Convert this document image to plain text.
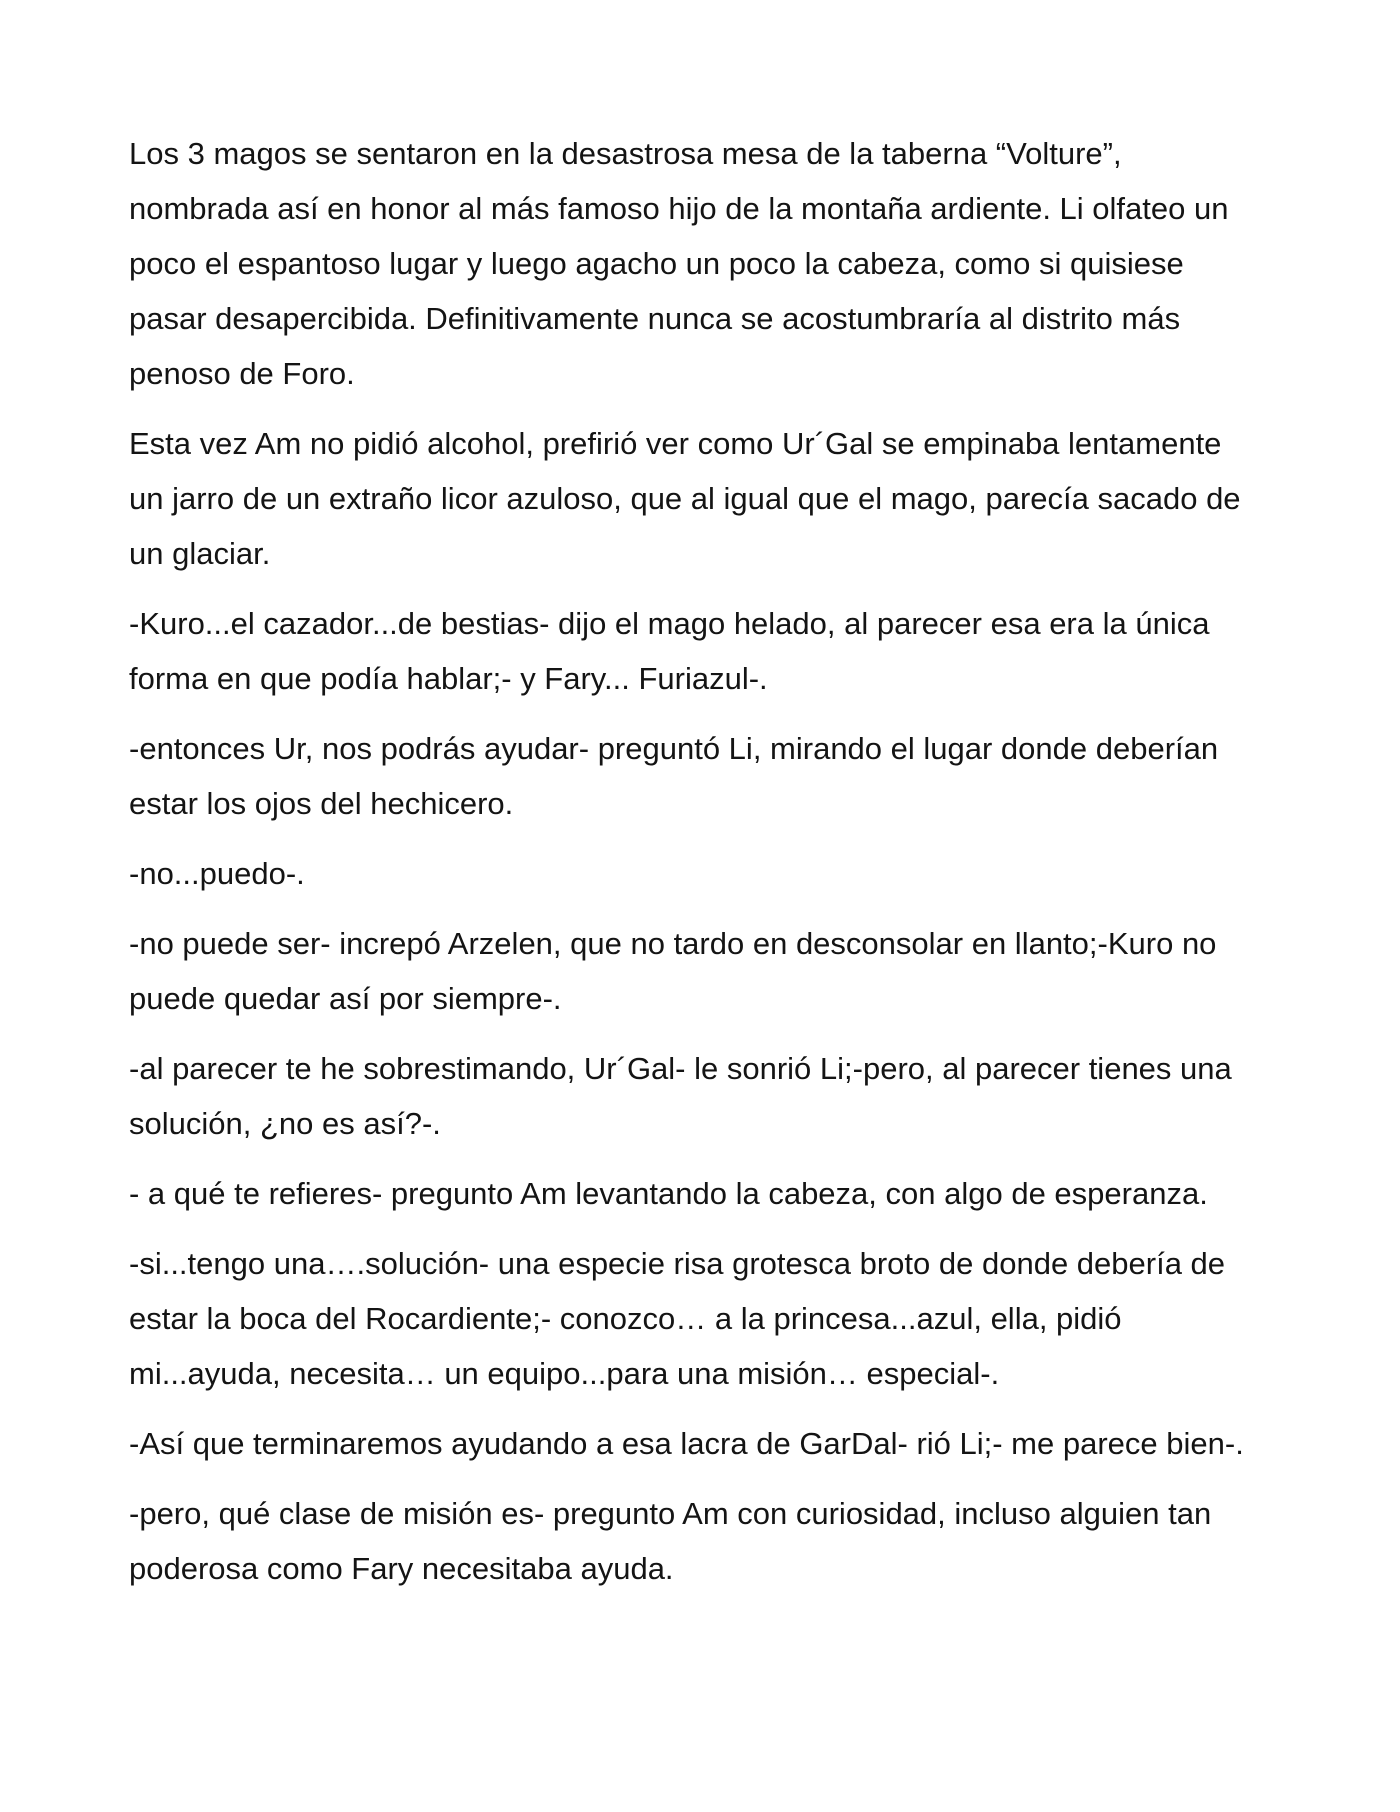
Los 3 magos se sentaron en la desastrosa mesa de la taberna “Volture”, nombrada así en honor al más famoso hijo de la montaña ardiente. Li olfateo un poco el espantoso lugar y luego agacho un poco la cabeza, como si quisiese pasar desapercibida. Definitivamente nunca se acostumbraría al distrito más penoso de Foro.

Esta vez Am no pidió alcohol, prefirió ver como Ur´Gal se empinaba lentamente un jarro de un extraño licor azuloso, que al igual que el mago, parecía sacado de un glaciar.

-Kuro...el cazador...de bestias- dijo el mago helado, al parecer esa era la única forma en que podía hablar;- y Fary... Furiazul-.

-entonces Ur, nos podrás ayudar- preguntó Li, mirando el lugar donde deberían estar los ojos del hechicero.

-no...puedo-.

-no puede ser- increpó Arzelen, que no tardo en desconsolar en llanto;-Kuro no puede quedar así por siempre-.

-al parecer te he sobrestimando, Ur´Gal- le sonrió Li;-pero, al parecer tienes una solución, ¿no es así?-.

- a qué te refieres- pregunto Am levantando la cabeza, con algo de esperanza.

-si...tengo una….solución- una especie risa grotesca broto de donde debería de estar la boca del Rocardiente;- conozco… a la princesa...azul, ella, pidió mi...ayuda, necesita… un equipo...para una misión… especial-.

-Así que terminaremos ayudando a esa lacra de GarDal- rió Li;- me parece bien-.

-pero, qué clase de misión es- pregunto Am con curiosidad, incluso alguien tan poderosa como Fary necesitaba ayuda.
